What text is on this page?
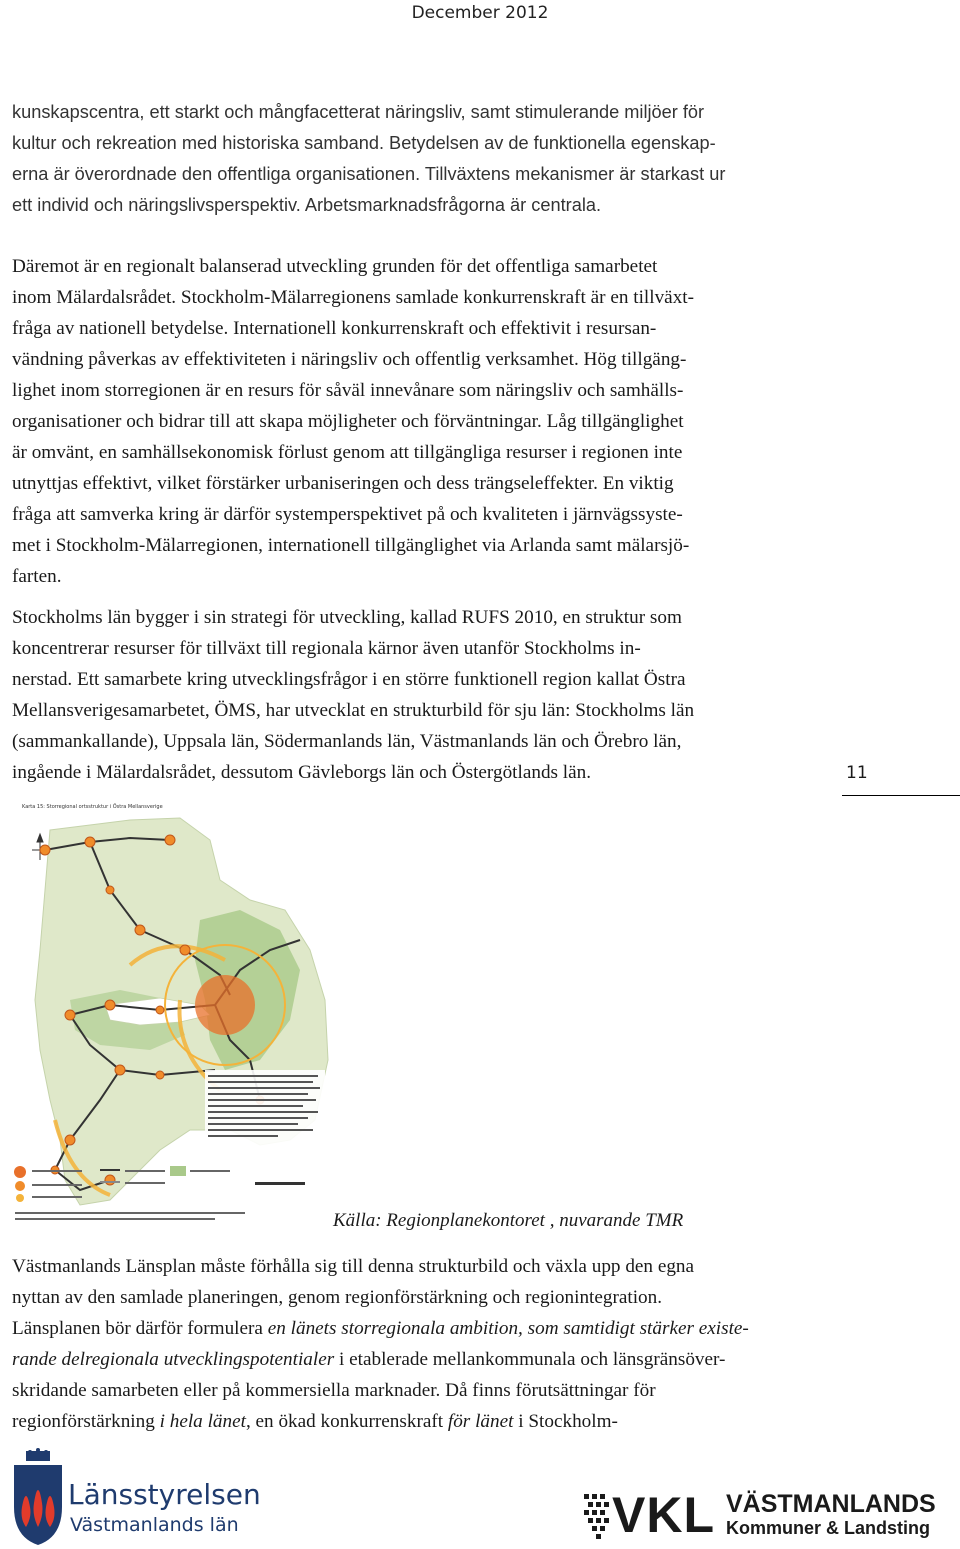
December 2012
kunskapscentra, ett starkt och mångfacetterat näringsliv, samt stimulerande miljöer för
kultur och rekreation med historiska samband. Betydelsen av de funktionella egenskap-
erna är överordnade den offentliga organisationen. Tillväxtens mekanismer är starkast ur
ett individ och näringslivsperspektiv. Arbetsmarknadsfrågorna är centrala.
Däremot är en regionalt balanserad utveckling grunden för det offentliga samarbetet
inom Mälardalsrådet. Stockholm-Mälarregionens samlade konkurrenskraft är en tillväxt-
fråga av nationell betydelse. Internationell konkurrenskraft och effektivit i resursan-
vändning påverkas av effektiviteten i näringsliv och offentlig verksamhet. Hög tillgäng-
lighet inom storregionen är en resurs för såväl innevånare som näringsliv och samhälls-
organisationer och bidrar till att skapa möjligheter och förväntningar. Låg tillgänglighet
är omvänt, en samhällsekonomisk förlust genom att tillgängliga resurser i regionen inte
utnyttjas effektivt, vilket förstärker urbaniseringen och dess trängseleffekter. En viktig
fråga att samverka kring är därför systemperspektivet på och kvaliteten i järnvägssyste-
met i Stockholm-Mälarregionen, internationell tillgänglighet via Arlanda samt mälarsjö-
farten.
Stockholms län bygger i sin strategi för utveckling, kallad RUFS 2010, en struktur som
koncentrerar resurser för tillväxt till regionala kärnor även utanför Stockholms in-
nerstad. Ett samarbete kring utvecklingsfrågor i en större funktionell region kallat Östra
Mellansverigesamarbetet, ÖMS, har utvecklat en strukturbild för sju län: Stockholms län
(sammankallande), Uppsala län, Södermanlands län, Västmanlands län och Örebro län,
ingående i Mälardalsrådet, dessutom Gävleborgs län och Östergötlands län.	11
Karta 15: Storregional ortsstruktur i Östra Mellansverige
Källa: Regionplanekontoret , nuvarande TMR
Västmanlands Länsplan måste förhålla sig till denna strukturbild och växla upp den egna
nyttan av den samlade planeringen, genom regionförstärkning och regionintegration.
Länsplanen bör därför formulera en länets storregionala ambition, som samtidigt stärker existe-
rande delregionala utvecklingspotentialer i etablerade mellankommunala och länsgränsöver-
skridande samarbeten eller på kommersiella marknader. Då finns förutsättningar för
regionförstärkning i hela länet, en ökad konkurrenskraft för länet i Stockholm-
Länsstyrelsen
Västmanlands län	VKL VÄSTMANLANDS
Kommuner & Landsting
